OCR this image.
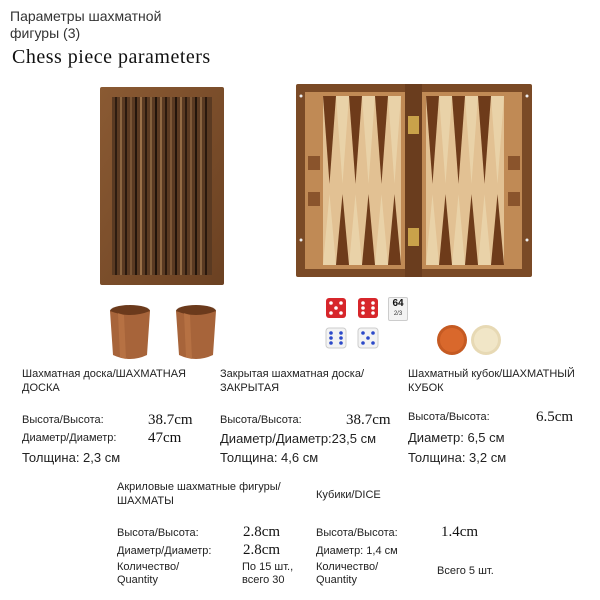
Параметры шахматной
фигуры (3)
Chess piece parameters
64
2/3
Шахматная доска/ШАХМАТНАЯ
ДОСКА
Высота/Высота:	38.7cm
Диаметр/Диаметр: 47cm
Толщина: 2,3 см
Закрытая шахматная доска/
ЗАКРЫТАЯ
Высота/Высота:	38.7cm
Диаметр/Диаметр:23,5 см
Толщина: 4,6 см
Шахматный кубок/ШАХМАТНЫЙ
КУБОК
Высота/Высота:	6.5cm
Диаметр: 6,5 см
Толщина: 3,2 см
Акриловые шахматные фигуры/
ШАХМАТЫ
Высота/Высота:	2.8cm
Диаметр/Диаметр: 2.8cm
Количество/
Quantity
По 15 шт.,
всего 30
Кубики/DICE
Высота/Высота:	1.4cm
Диаметр: 1,4 см
Количество/
Quantity
Всего 5 шт.
